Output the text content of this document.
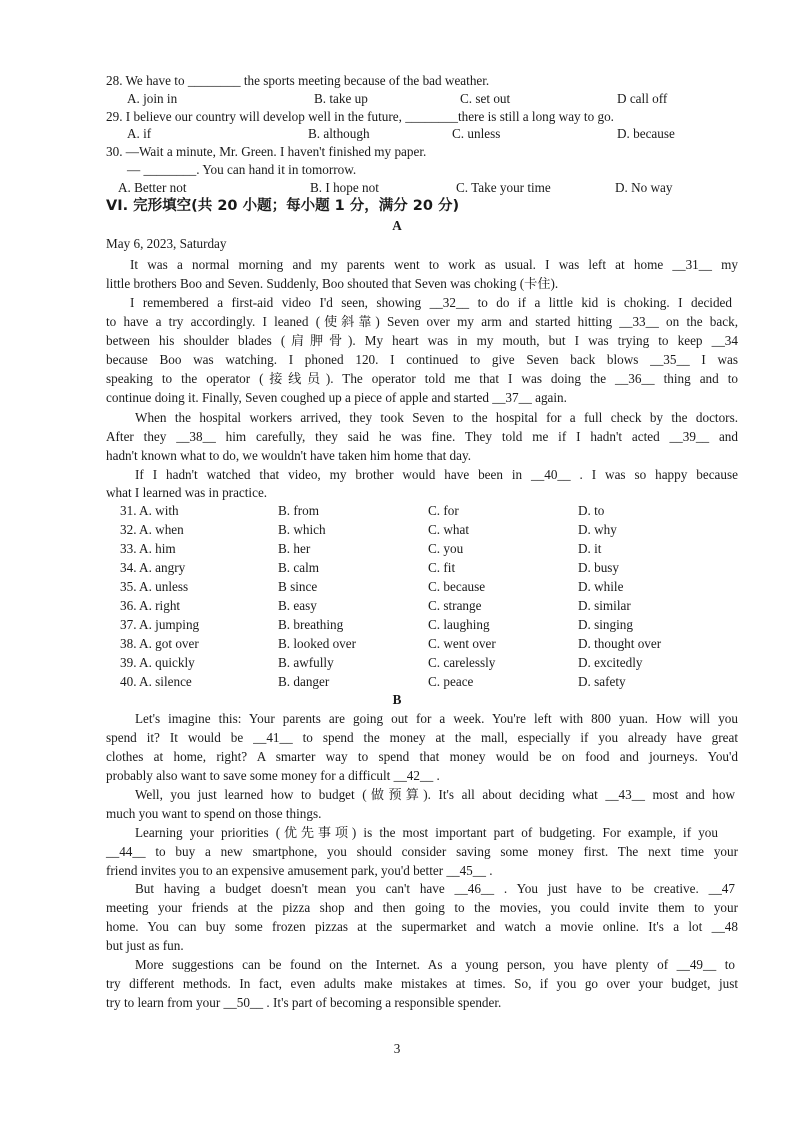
28. We have to ________ the sports meeting because of the bad weather.
A. join in	B. take up	C. set out	D call off
29. I believe our country will develop well in the future, ________there is still a long way to go.
A. if	B. although	C. unless	D. because
30. —Wait a minute, Mr. Green. I haven't finished my paper.
— ________. You can hand it in tomorrow.
A. Better not	B. I hope not	C. Take your time	D. No way
VI. 完形填空(共 20 小题；每小题 1 分，满分 20 分)
A
May 6, 2023, Saturday
It was a normal morning and my parents went to work as usual. I was left at home __31__ my
little brothers Boo and Seven. Suddenly, Boo shouted that Seven was choking (卡住).
I remembered a first-aid video I'd seen, showing __32__ to do if a little kid is choking. I decided
to have a try accordingly. I leaned (使斜靠) Seven over my arm and started hitting __33__ on the back,
between his shoulder blades (肩胛骨). My heart was in my mouth, but I was trying to keep __34
because Boo was watching. I phoned 120. I continued to give Seven back blows __35__ I was
speaking to the operator (接线员). The operator told me that I was doing the __36__ thing and to
continue doing it. Finally, Seven coughed up a piece of apple and started __37__ again.
When the hospital workers arrived, they took Seven to the hospital for a full check by the doctors.
After they __38__ him carefully, they said he was fine. They told me if I hadn't acted __39__ and
hadn't known what to do, we wouldn't have taken him home that day.
If I hadn't watched that video, my brother would have been in __40__ . I was so happy because
what I learned was in practice.
31. A. with	B. from	C. for	D. to
32. A. when	B. which	C. what	D. why
33. A. him	B. her	C. you	D. it
34. A. angry	B. calm	C. fit	D. busy
35. A. unless	B since	C. because	D. while
36. A. right	B. easy	C. strange	D. similar
37. A. jumping	B. breathing	C. laughing	D. singing
38. A. got over	B. looked over	C. went over	D. thought over
39. A. quickly	B. awfully	C. carelessly	D. excitedly
40. A. silence	B. danger	C. peace	D. safety
B
Let's imagine this: Your parents are going out for a week. You're left with 800 yuan. How will you
spend it? It would be __41__ to spend the money at the mall, especially if you already have great
clothes at home, right? A smarter way to spend that money would be on food and journeys. You'd
probably also want to save some money for a difficult __42__ .
Well, you just learned how to budget (做预算). It's all about deciding what __43__ most and how
much you want to spend on those things.
Learning your priorities (优先事项) is the most important part of budgeting. For example, if you
__44__ to buy a new smartphone, you should consider saving some money first. The next time your
friend invites you to an expensive amusement park, you'd better __45__ .
But having a budget doesn't mean you can't have __46__ . You just have to be creative. __47
meeting your friends at the pizza shop and then going to the movies, you could invite them to your
home. You can buy some frozen pizzas at the supermarket and watch a movie online. It's a lot __48
but just as fun.
More suggestions can be found on the Internet. As a young person, you have plenty of __49__ to
try different methods. In fact, even adults make mistakes at times. So, if you go over your budget, just
try to learn from your __50__ . It's part of becoming a responsible spender.
3
